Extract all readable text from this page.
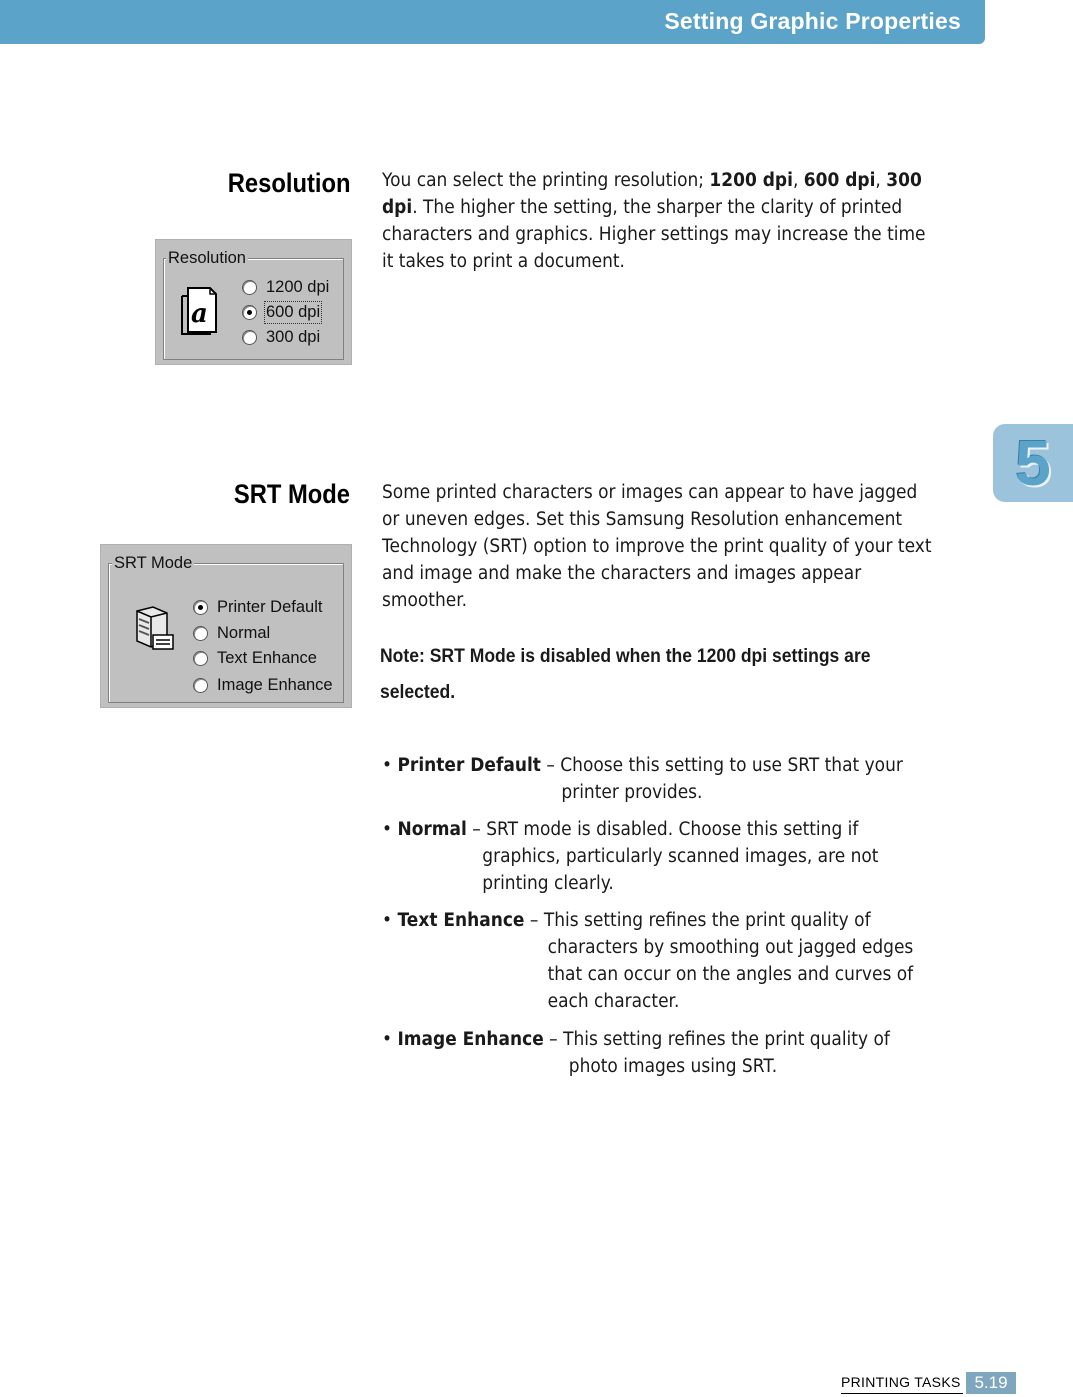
Setting Graphic Properties
5
Resolution You can select the printing resolution; 1200 dpi, 600 dpi, 300 dpi. The higher the setting, the sharper the clarity of printed characters and graphics. Higher settings may increase the time it takes to print a document.
Resolution
a
1200 dpi
600 dpi
300 dpi
SRT Mode Some printed characters or images can appear to have jagged or uneven edges. Set this Samsung Resolution enhancement Technology (SRT) option to improve the print quality of your text and image and make the characters and images appear smoother.
Note: SRT Mode is disabled when the 1200 dpi settings are selected.
SRT Mode
Printer Default
Normal
Text Enhance
Image Enhance
• Printer Default – Choose this setting to use SRT that your
printer provides.
• Normal – SRT mode is disabled. Choose this setting if
graphics, particularly scanned images, are not
printing clearly.
• Text Enhance – This setting refines the print quality of
characters by smoothing out jagged edges
that can occur on the angles and curves of
each character.
• Image Enhance – This setting refines the print quality of
photo images using SRT.
PRINTING TASKS 5.19
